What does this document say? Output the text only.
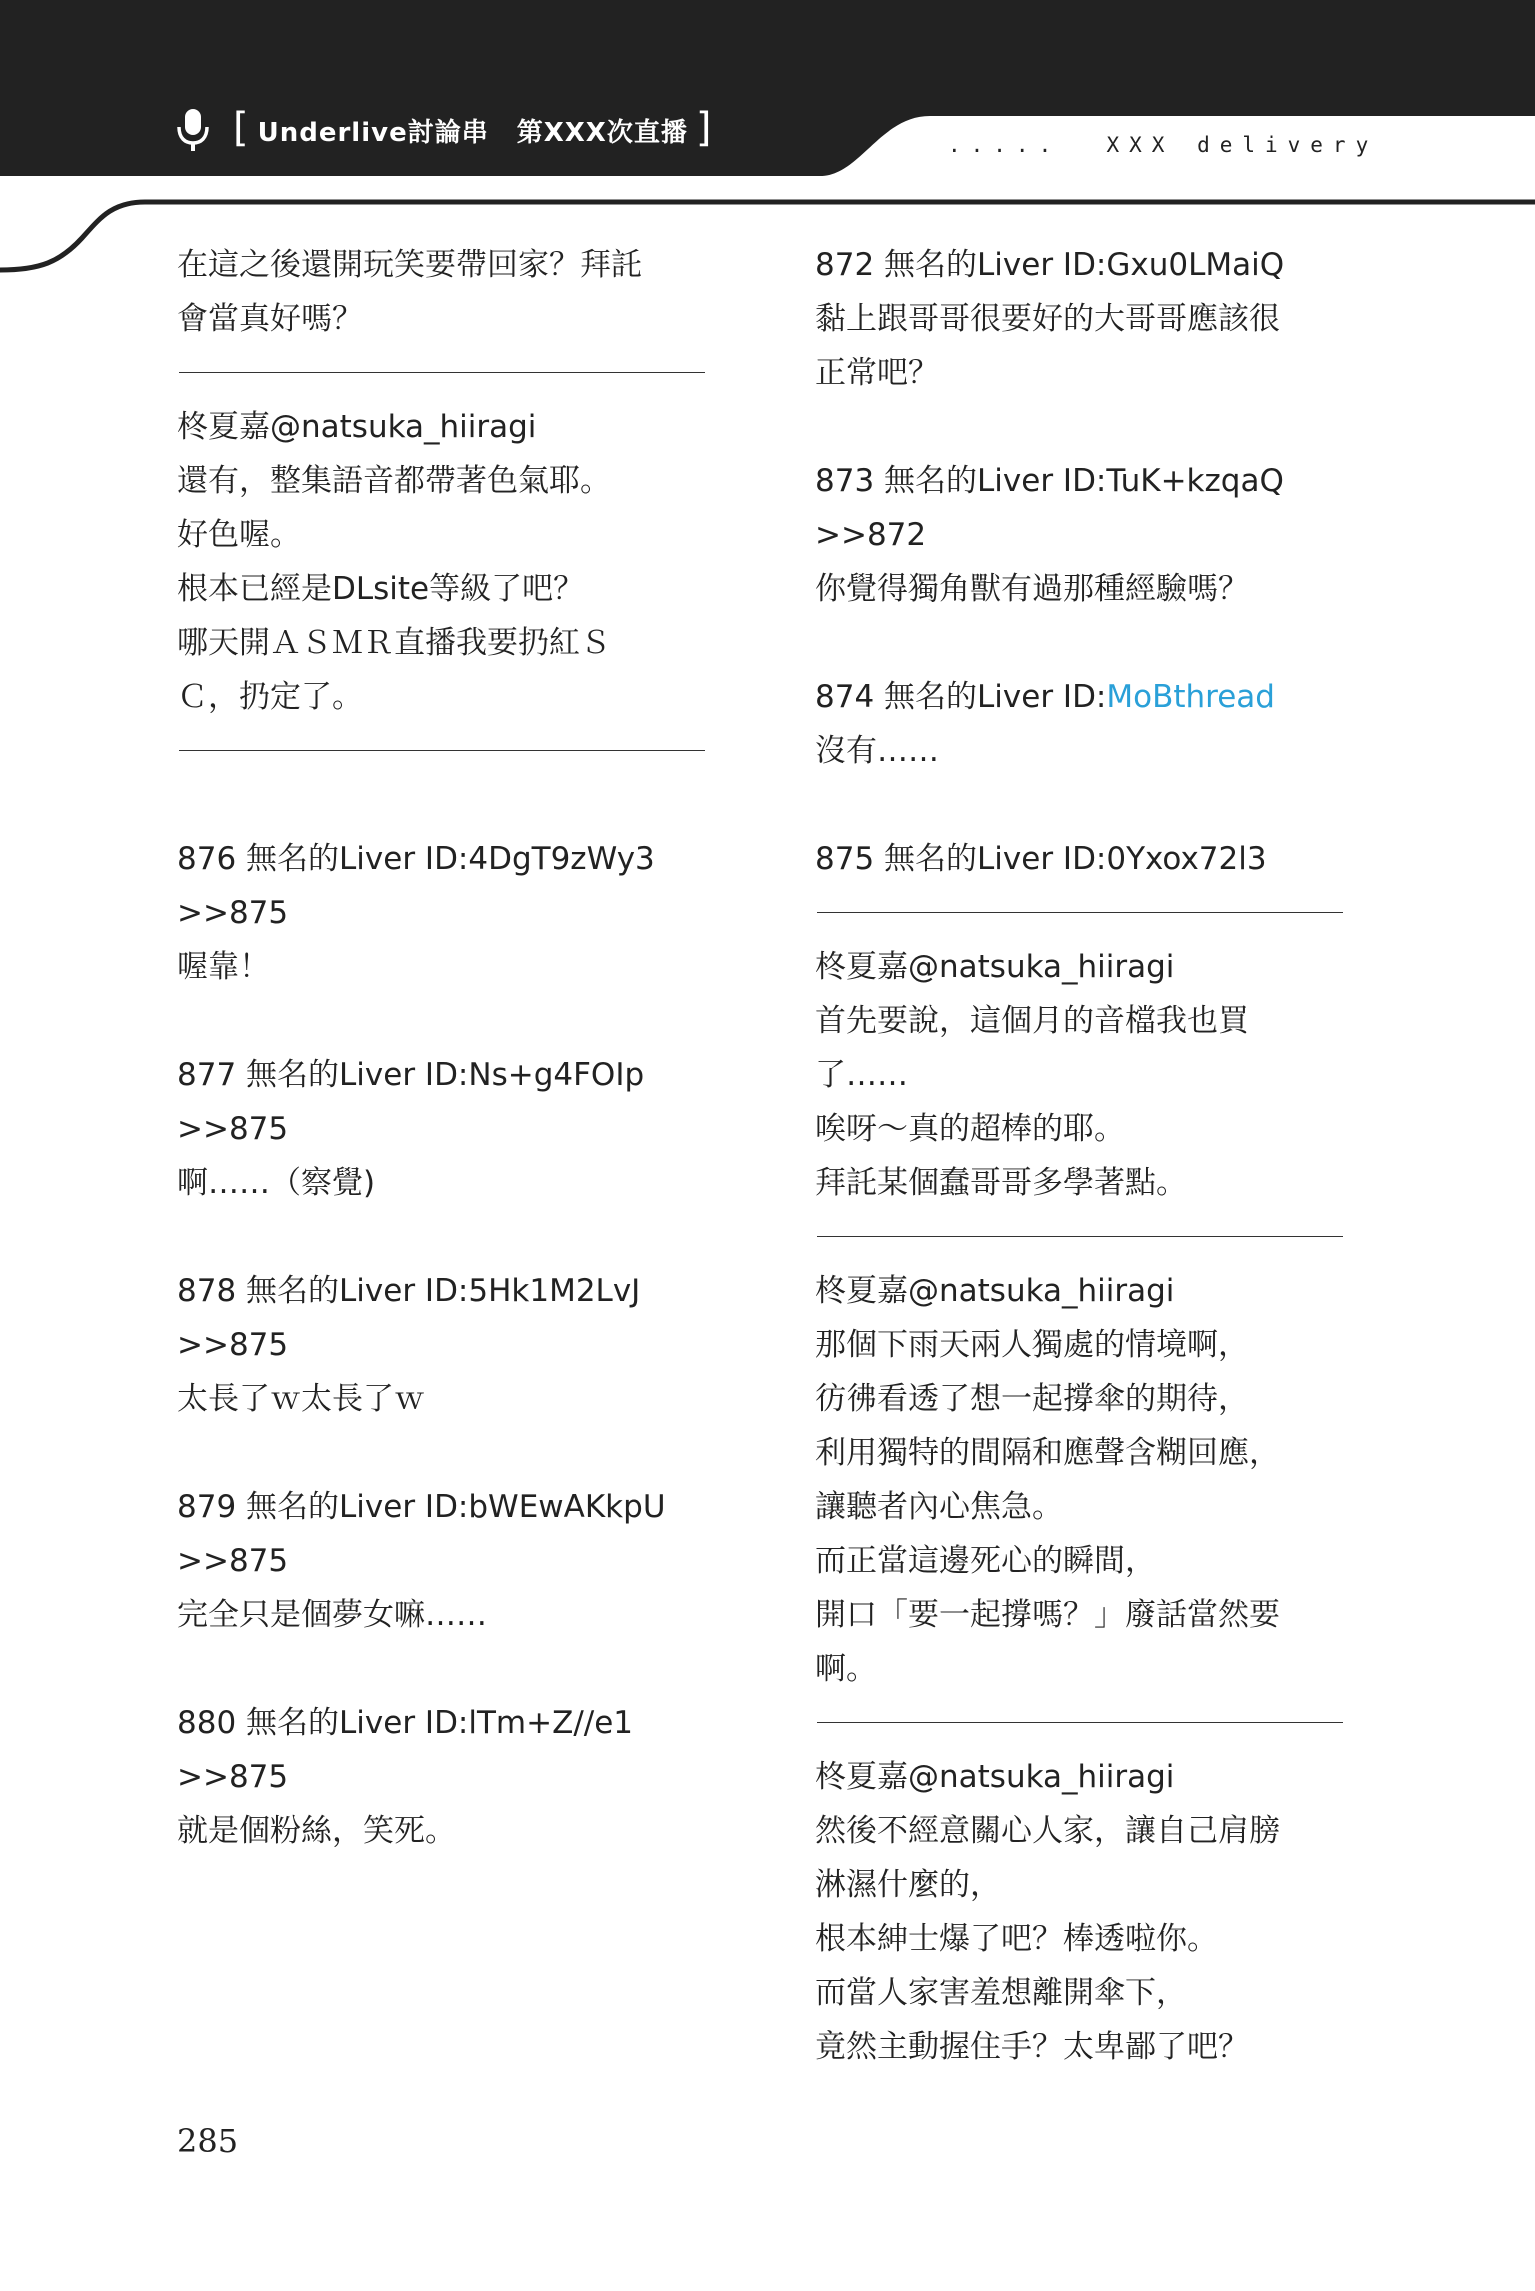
[ Underlive討論串 第XXX次直播 ]	.....  XXX delivery
在這之後還開玩笑要帶回家？拜託
會當真好嗎？
柊夏嘉@natsuka_hiiragi
還有，整集語音都帶著色氣耶。
好色喔。
根本已經是DLsite等級了吧？
哪天開ＡＳＭＲ直播我要扔紅Ｓ
Ｃ，扔定了。
876 無名的Liver ID:4DgT9zWy3
>>875
喔靠！
877 無名的Liver ID:Ns+g4FOIp
>>875
啊……（察覺)
878 無名的Liver ID:5Hk1M2LvJ
>>875
太長了ｗ太長了ｗ
879 無名的Liver ID:bWEwAKkpU
>>875
完全只是個夢女嘛……
880 無名的Liver ID:lTm+Z//e1
>>875
就是個粉絲，笑死。
872 無名的Liver ID:Gxu0LMaiQ
黏上跟哥哥很要好的大哥哥應該很
正常吧？
873 無名的Liver ID:TuK+kzqaQ
>>872
你覺得獨角獸有過那種經驗嗎？
874 無名的Liver ID:MoBthread
沒有……
875 無名的Liver ID:0Yxox72l3
柊夏嘉@natsuka_hiiragi
首先要說，這個月的音檔我也買
了……
唉呀～真的超棒的耶。
拜託某個蠢哥哥多學著點。
柊夏嘉@natsuka_hiiragi
那個下雨天兩人獨處的情境啊，
彷彿看透了想一起撐傘的期待，
利用獨特的間隔和應聲含糊回應，
讓聽者內心焦急。
而正當這邊死心的瞬間，
開口「要一起撐嗎？」廢話當然要
啊。
柊夏嘉@natsuka_hiiragi
然後不經意關心人家，讓自己肩膀
淋濕什麼的，
根本紳士爆了吧？棒透啦你。
而當人家害羞想離開傘下，
竟然主動握住手？太卑鄙了吧？
285
